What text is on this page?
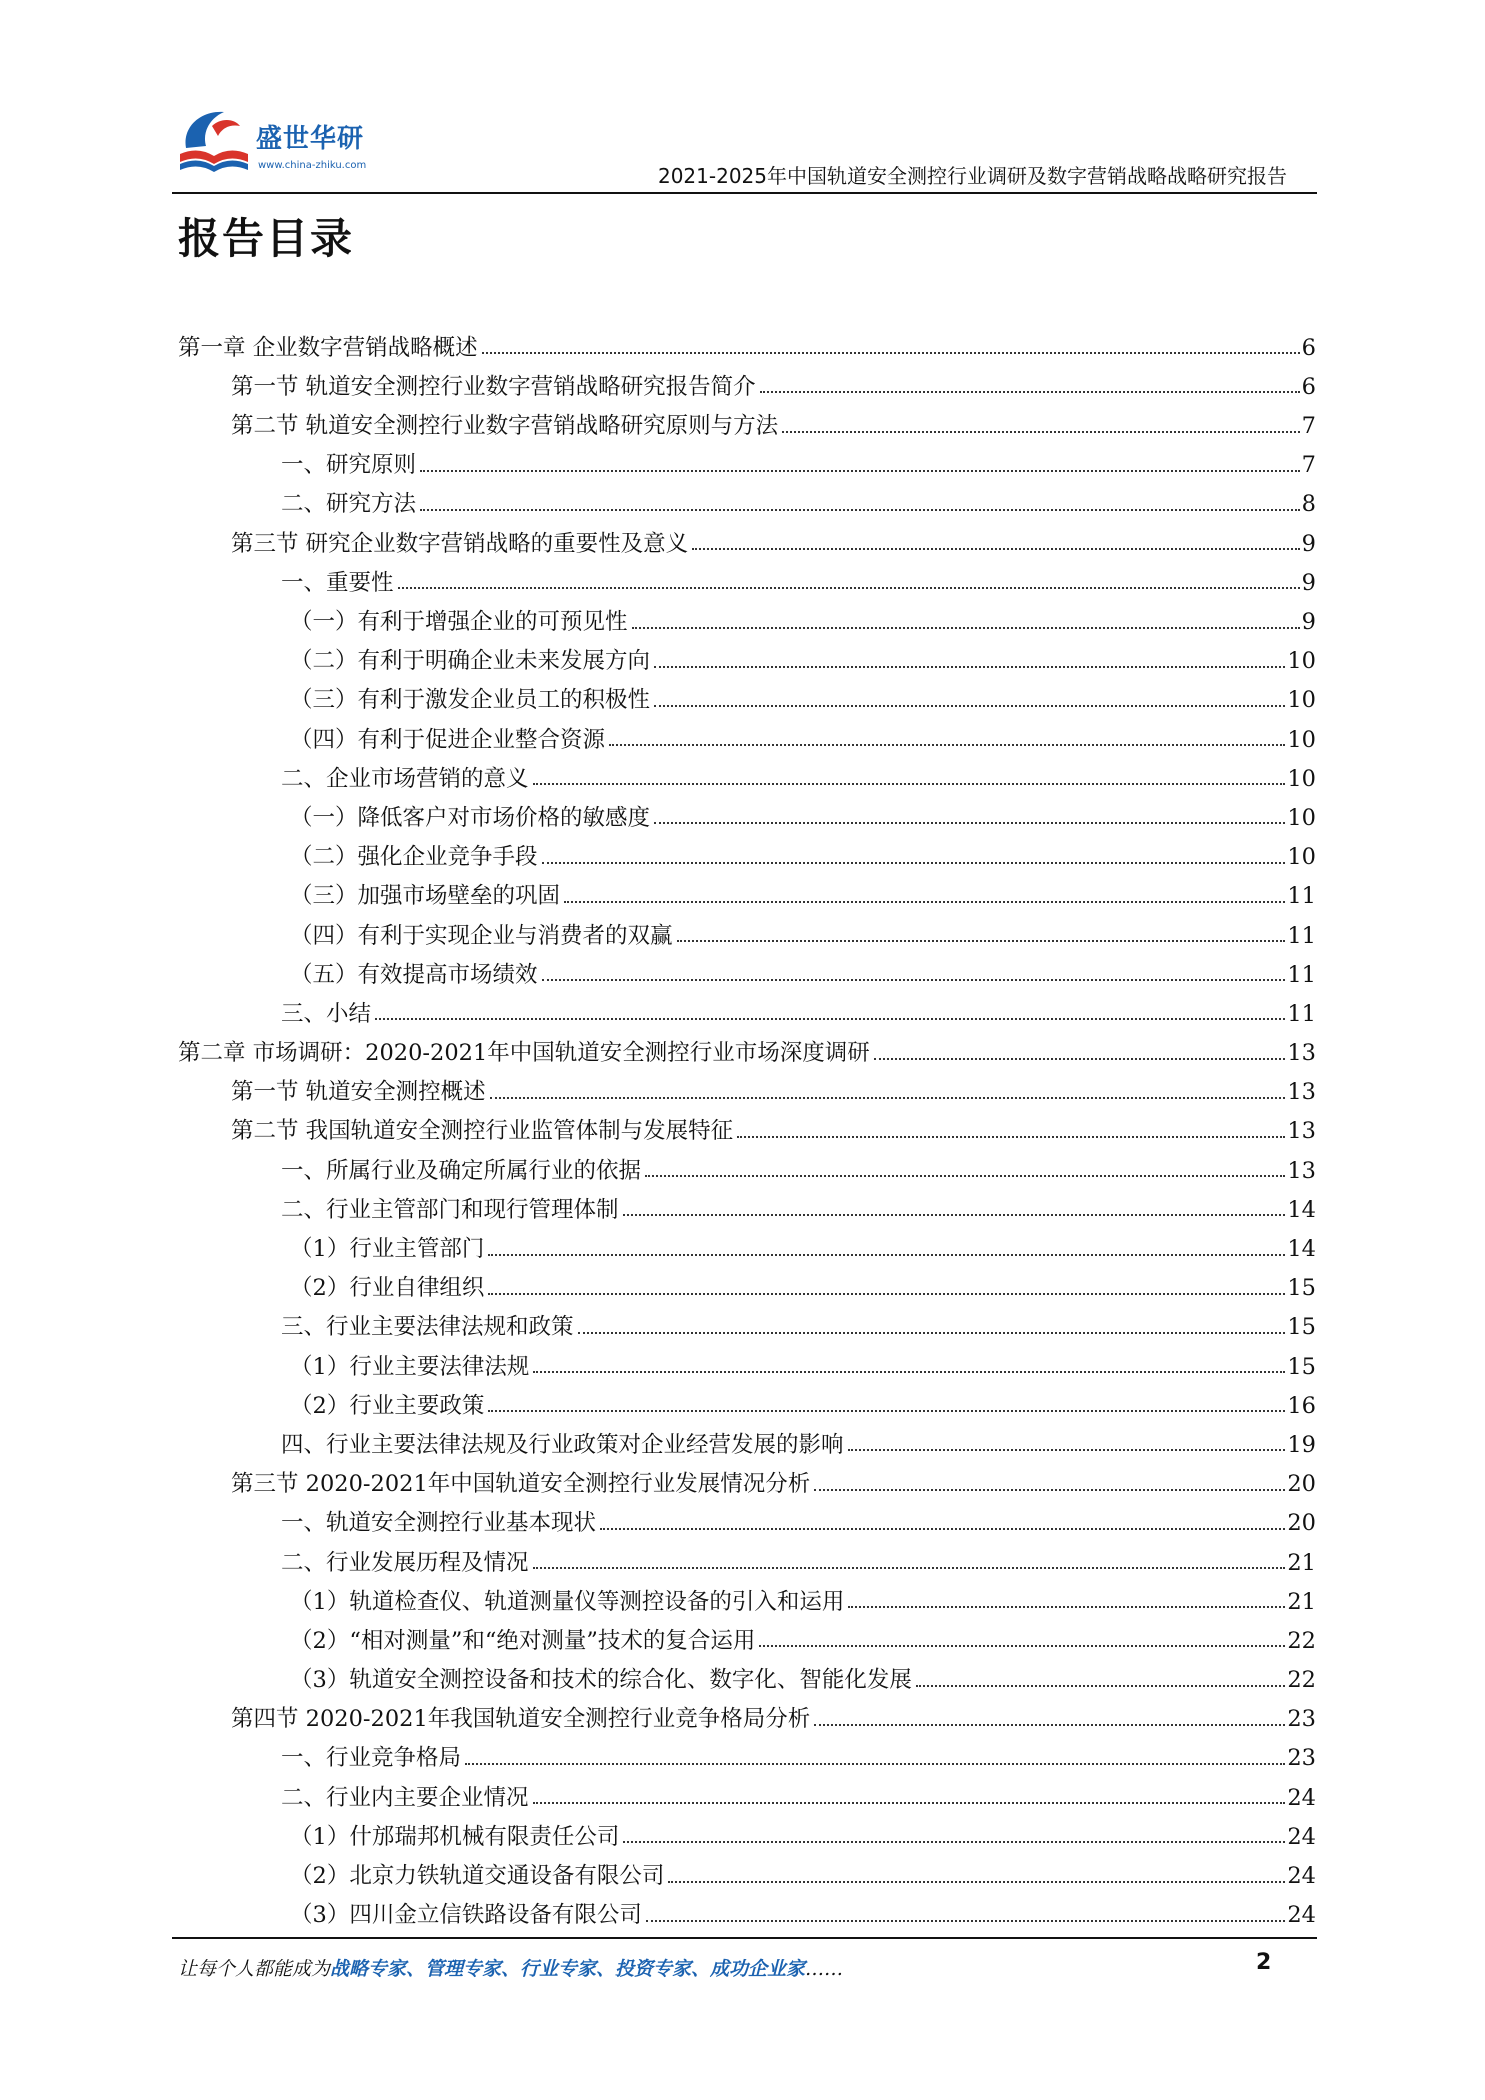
盛世华研
www.china-zhiku.com	2021-2025年中国轨道安全测控行业调研及数字营销战略战略研究报告
报告目录
第一章 企业数字营销战略概述	6
第一节 轨道安全测控行业数字营销战略研究报告简介	6
第二节 轨道安全测控行业数字营销战略研究原则与方法	7
一、研究原则	7
二、研究方法	8
第三节 研究企业数字营销战略的重要性及意义	9
一、重要性	9
（一）有利于增强企业的可预见性	9
（二）有利于明确企业未来发展方向	10
（三）有利于激发企业员工的积极性	10
（四）有利于促进企业整合资源	10
二、企业市场营销的意义	10
（一）降低客户对市场价格的敏感度	10
（二）强化企业竞争手段	10
（三）加强市场壁垒的巩固	11
（四）有利于实现企业与消费者的双赢	11
（五）有效提高市场绩效	11
三、小结	11
第二章 市场调研：2020-2021年中国轨道安全测控行业市场深度调研	13
第一节 轨道安全测控概述	13
第二节 我国轨道安全测控行业监管体制与发展特征	13
一、所属行业及确定所属行业的依据	13
二、行业主管部门和现行管理体制	14
（1）行业主管部门	14
（2）行业自律组织	15
三、行业主要法律法规和政策	15
（1）行业主要法律法规	15
（2）行业主要政策	16
四、行业主要法律法规及行业政策对企业经营发展的影响	19
第三节 2020-2021年中国轨道安全测控行业发展情况分析	20
一、轨道安全测控行业基本现状	20
二、行业发展历程及情况	21
（1）轨道检查仪、轨道测量仪等测控设备的引入和运用	21
（2）“相对测量”和“绝对测量”技术的复合运用	22
（3）轨道安全测控设备和技术的综合化、数字化、智能化发展	22
第四节 2020-2021年我国轨道安全测控行业竞争格局分析	23
一、行业竞争格局	23
二、行业内主要企业情况	24
（1）什邡瑞邦机械有限责任公司	24
（2）北京力铁轨道交通设备有限公司	24
（3）四川金立信铁路设备有限公司	24
让每个人都能成为战略专家、管理专家、行业专家、投资专家、成功企业家……	2
